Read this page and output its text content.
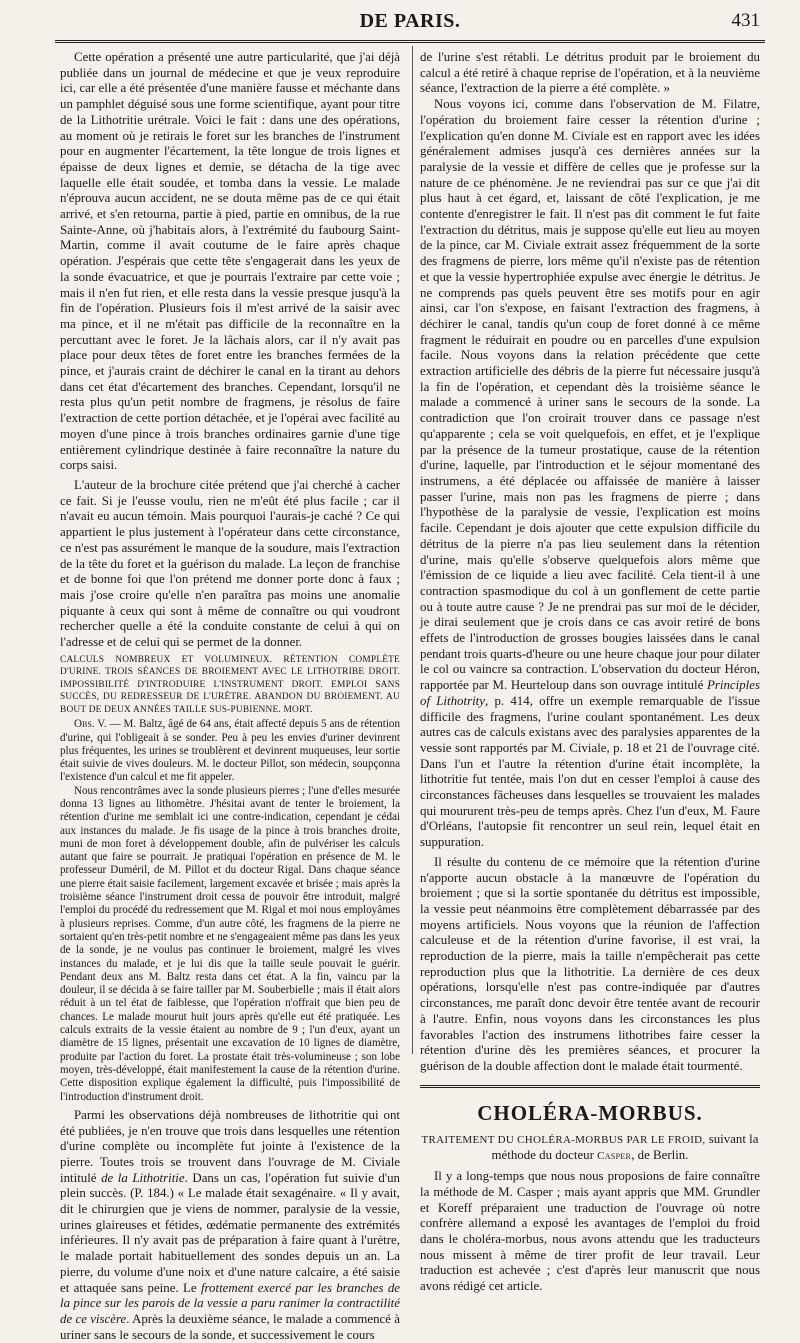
DE PARIS.	431

Cette opération a présenté une autre particularité, que j'ai déjà publiée dans un journal de médecine et que je veux reproduire ici, car elle a été présentée d'une manière fausse et méchante dans un pamphlet déguisé sous une forme scientifique, ayant pour titre de la Lithotritie urétrale. Voici le fait : dans une des opérations, au moment où je retirais le foret sur les branches de l'instrument pour en augmenter l'écartement, la tête longue de trois lignes et épaisse de deux lignes et demie, se détacha de la tige avec laquelle elle était soudée, et tomba dans la vessie. Le malade n'éprouva aucun accident, ne se douta même pas de ce qui était arrivé, et s'en retourna, partie à pied, partie en omnibus, de la rue Sainte-Anne, où j'habitais alors, à l'extrémité du faubourg Saint-Martin, comme il avait coutume de le faire après chaque opération. J'espérais que cette tête s'engagerait dans les yeux de la sonde évacuatrice, et que je pourrais l'extraire par cette voie ; mais il n'en fut rien, et elle resta dans la vessie presque jusqu'à la fin de l'opération. Plusieurs fois il m'est arrivé de la saisir avec ma pince, et il ne m'était pas difficile de la reconnaître en la percuttant avec le foret. Je la lâchais alors, car il n'y avait pas place pour deux têtes de foret entre les branches fermées de la pince, et j'aurais craint de déchirer le canal en la tirant au dehors dans cet état d'écartement des branches. Cependant, lorsqu'il ne resta plus qu'un petit nombre de fragmens, je résolus de faire l'extraction de cette portion détachée, et je l'opérai avec facilité au moyen d'une pince à trois branches ordinaires garnie d'une tige entièrement cylindrique destinée à faire reconnaître la nature du corps saisi.

L'auteur de la brochure citée prétend que j'ai cherché à cacher ce fait. Si je l'eusse voulu, rien ne m'eût été plus facile ; car il n'avait eu aucun témoin. Mais pourquoi l'aurais-je caché ? Ce qui appartient le plus justement à l'opérateur dans cette circonstance, ce n'est pas assurément le manque de la soudure, mais l'extraction de la tête du foret et la guérison du malade. La leçon de franchise et de bonne foi que l'on prétend me donner porte donc à faux ; mais j'ose croire qu'elle n'en paraîtra pas moins une anomalie piquante à ceux qui sont à même de connaître ou qui voudront rechercher quelle a été la conduite constante de celui à qui on l'adresse et de celui qui se permet de la donner.

CALCULS NOMBREUX ET VOLUMINEUX. RÉTENTION COMPLÈTE D'URINE. TROIS SÉANCES DE BROIEMENT AVEC LE LITHOTRIBE DROIT. IMPOSSIBILITÉ D'INTRODUIRE L'INSTRUMENT DROIT. EMPLOI SANS SUCCÈS, DU REDRESSEUR DE L'URÈTRE. ABANDON DU BROIEMENT. AU BOUT DE DEUX ANNÉES TAILLE SUS-PUBIENNE. MORT.

Obs. V. — M. Baltz, âgé de 64 ans, était affecté depuis 5 ans de rétention d'urine, qui l'obligeait à se sonder. Peu à peu les envies d'uriner devinrent plus fréquentes, les urines se troublèrent et devinrent muqueuses, leur sortie était suivie de vives douleurs. M. le docteur Pillot, son médecin, soupçonna l'existence d'un calcul et me fit appeler.

Nous rencontrâmes avec la sonde plusieurs pierres ; l'une d'elles mesurée donna 13 lignes au lithomètre. J'hésitai avant de tenter le broiement, la rétention d'urine me semblait ici une contre-indication, cependant je cédai aux instances du malade. Je fis usage de la pince à trois branches droite, muni de mon foret à développement double, afin de pulvériser les calculs autant que faire se pourrait. Je pratiquai l'opération en présence de M. le professeur Duméril, de M. Pillot et du docteur Rigal. Dans chaque séance une pierre était saisie facilement, largement excavée et brisée ; mais après la troisième séance l'instrument droit cessa de pouvoir être introduit, malgré l'emploi du procédé du redressement que M. Rigal et moi nous employâmes à plusieurs reprises. Comme, d'un autre côté, les fragmens de la pierre ne sortaient qu'en très-petit nombre et ne s'engageaient même pas dans les yeux de la sonde, je ne voulus pas continuer le broiement, malgré les vives instances du malade, et je lui dis que la taille seule pouvait le guérir. Pendant deux ans M. Baltz resta dans cet état. A la fin, vaincu par la douleur, il se décida à se faire tailler par M. Souberbielle ; mais il était alors réduit à un tel état de faiblesse, que l'opération n'offrait que bien peu de chances. Le malade mourut huit jours après qu'elle eut été pratiquée. Les calculs extraits de la vessie étaient au nombre de 9 ; l'un d'eux, ayant un diamètre de 15 lignes, présentait une excavation de 10 lignes de diamètre, produite par l'action du foret. La prostate était très-volumineuse ; son lobe moyen, très-développé, était manifestement la cause de la rétention d'urine. Cette disposition explique également la difficulté, puis l'impossibilité de l'introduction d'instrument droit.

Parmi les observations déjà nombreuses de lithotritie qui ont été publiées, je n'en trouve que trois dans lesquelles une rétention d'urine complète ou incomplète fut jointe à l'existence de la pierre. Toutes trois se trouvent dans l'ouvrage de M. Civiale intitulé de la Lithotritie. Dans un cas, l'opération fut suivie d'un plein succès. (P. 184.) « Le malade était sexagénaire. « Il y avait, dit le chirurgien que je viens de nommer, paralysie de la vessie, urines glaireuses et fétides, œdématie permanente des extrémités inférieures. Il n'y avait pas de préparation à faire quant à l'urètre, le malade portait habituellement des sondes depuis un an. La pierre, du volume d'une noix et d'une nature calcaire, a été saisie et attaquée sans peine. Le frottement exercé par les branches de la pince sur les parois de la vessie a paru ranimer la contractilité de ce viscère. Après la deuxième séance, le malade a commencé à uriner sans le secours de la sonde, et successivement le cours

de l'urine s'est rétabli. Le détritus produit par le broiement du calcul a été retiré à chaque reprise de l'opération, et à la neuvième séance, l'extraction de la pierre a été complète. »

Nous voyons ici, comme dans l'observation de M. Filatre, l'opération du broiement faire cesser la rétention d'urine ; l'explication qu'en donne M. Civiale est en rapport avec les idées généralement admises jusqu'à ces dernières années sur la paralysie de la vessie et diffère de celles que je professe sur la nature de ce phénomène. Je ne reviendrai pas sur ce que j'ai dit plus haut à cet égard, et, laissant de côté l'explication, je me contente d'enregistrer le fait. Il n'est pas dit comment le fut faite l'extraction du détritus, mais je suppose qu'elle eut lieu au moyen de la pince, car M. Civiale extrait assez fréquemment de la sorte des fragmens de pierre, lors même qu'il n'existe pas de rétention et que la vessie hypertrophiée expulse avec énergie le détritus. Je ne comprends pas quels peuvent être ses motifs pour en agir ainsi, car l'on s'expose, en faisant l'extraction des fragmens, à déchirer le canal, tandis qu'un coup de foret donné à ce même fragment le réduirait en poudre ou en parcelles d'une expulsion facile. Nous voyons dans la relation précédente que cette extraction artificielle des débris de la pierre fut nécessaire jusqu'à la fin de l'opération, et cependant dès la troisième séance le malade a commencé à uriner sans le secours de la sonde. La contradiction que l'on croirait trouver dans ce passage n'est qu'apparente ; cela se voit quelquefois, en effet, et je l'explique par la présence de la tumeur prostatique, cause de la rétention d'urine, laquelle, par l'introduction et le séjour momentané des instrumens, a été déplacée ou affaissée de manière à laisser passer l'urine, mais non pas les fragmens de pierre ; dans l'hypothèse de la paralysie de vessie, l'explication est moins facile. Cependant je dois ajouter que cette expulsion difficile du détritus de la pierre n'a pas lieu seulement dans la rétention d'urine, mais qu'elle s'observe quelquefois alors même que l'émission de ce liquide a lieu avec facilité. Cela tient-il à une contraction spasmodique du col à un gonflement de cette partie ou à toute autre cause ? Je ne prendrai pas sur moi de le décider, je dirai seulement que je crois dans ce cas avoir retiré de bons effets de l'introduction de grosses bougies laissées dans le canal pendant trois quarts-d'heure ou une heure chaque jour pour dilater le col ou vaincre sa contraction. L'observation du docteur Héron, rapportée par M. Heurteloup dans son ouvrage intitulé Principles of Lithotrity, p. 414, offre un exemple remarquable de l'issue difficile des fragmens, l'urine coulant spontanément. Les deux autres cas de calculs existans avec des paralysies apparentes de la vessie sont rapportés par M. Civiale, p. 18 et 21 de l'ouvrage cité. Dans l'un et l'autre la rétention d'urine était incomplète, la lithotritie fut tentée, mais l'on dut en cesser l'emploi à cause des circonstances fâcheuses dans lesquelles se trouvaient les malades qui moururent très-peu de temps après. Chez l'un d'eux, M. Faure d'Orléans, l'autopsie fit rencontrer un seul rein, lequel était en suppuration.

Il résulte du contenu de ce mémoire que la rétention d'urine n'apporte aucun obstacle à la manœuvre de l'opération du broiement ; que si la sortie spontanée du détritus est impossible, la vessie peut néanmoins être complètement débarrassée par des moyens artificiels. Nous voyons que la réunion de l'affection calculeuse et de la rétention d'urine favorise, il est vrai, la reproduction de la pierre, mais la taille n'empêcherait pas cette reproduction plus que la lithotritie. La dernière de ces deux opérations, lorsqu'elle n'est pas contre-indiquée par d'autres circonstances, me paraît donc devoir être tentée avant de recourir à l'autre. Enfin, nous voyons dans les circonstances les plus favorables l'action des instrumens lithotribes faire cesser la rétention d'urine dès les premières séances, et procurer la guérison de la double affection dont le malade était tourmenté.

CHOLÉRA-MORBUS.

TRAITEMENT DU CHOLÉRA-MORBUS PAR LE FROID, suivant la méthode du docteur Casper, de Berlin.

Il y a long-temps que nous nous proposions de faire connaître la méthode de M. Casper ; mais ayant appris que MM. Grundler et Koreff préparaient une traduction de l'ouvrage où notre confrère allemand a exposé les avantages de l'emploi du froid dans le choléra-morbus, nous avons attendu que les traducteurs nous missent à même de tirer profit de leur travail. Leur traduction est achevée ; c'est d'après leur manuscrit que nous avons rédigé cet article.
